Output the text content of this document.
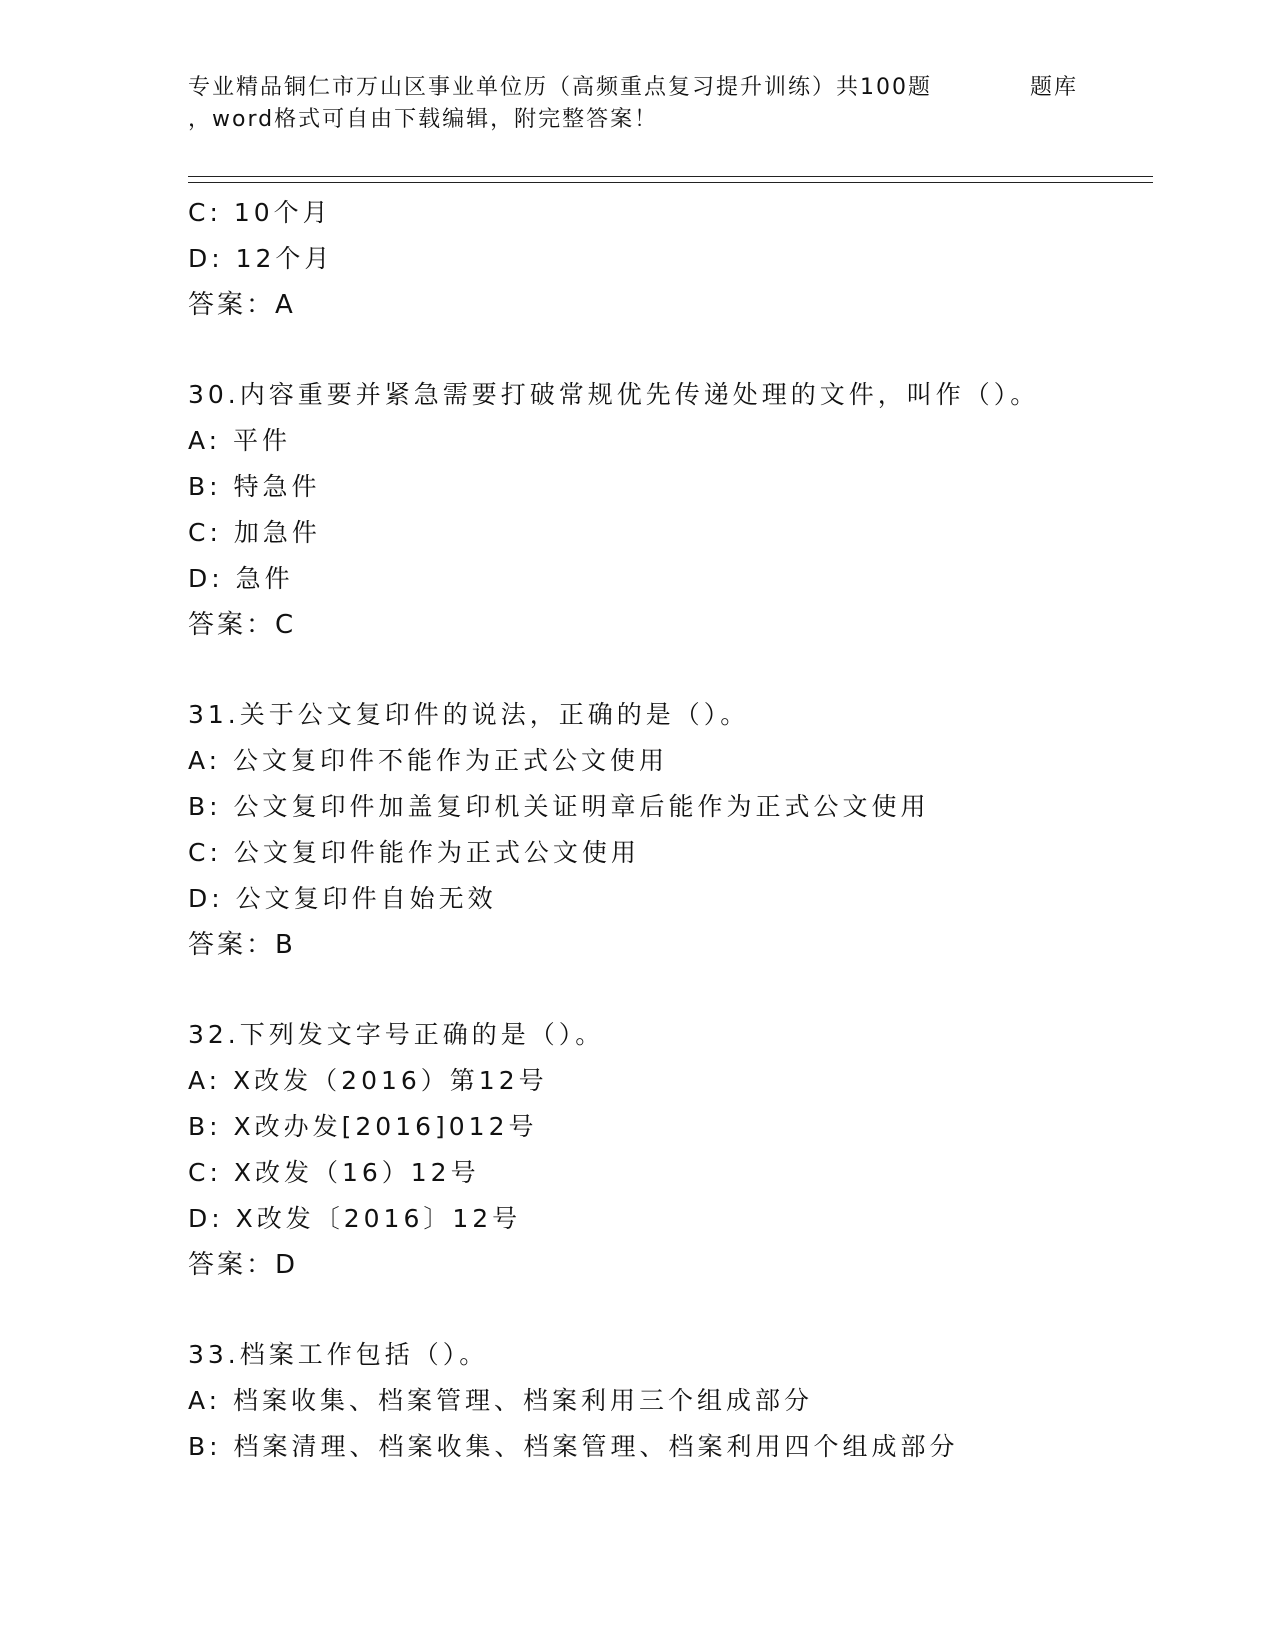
专业精品铜仁市万山区事业单位历（高频重点复习提升训练）共100题	题库
，word格式可自由下载编辑，附完整答案！
C: 10个月
D: 12个月
答案：A
30.内容重要并紧急需要打破常规优先传递处理的文件，叫作（）。
A: 平件
B: 特急件
C: 加急件
D: 急件
答案：C
31.关于公文复印件的说法，正确的是（）。
A: 公文复印件不能作为正式公文使用
B: 公文复印件加盖复印机关证明章后能作为正式公文使用
C: 公文复印件能作为正式公文使用
D: 公文复印件自始无效
答案：B
32.下列发文字号正确的是（）。
A: X改发（2016）第12号
B: X改办发[2016]012号
C: X改发（16）12号
D: X改发〔2016〕12号
答案：D
33.档案工作包括（）。
A: 档案收集、档案管理、档案利用三个组成部分
B: 档案清理、档案收集、档案管理、档案利用四个组成部分
